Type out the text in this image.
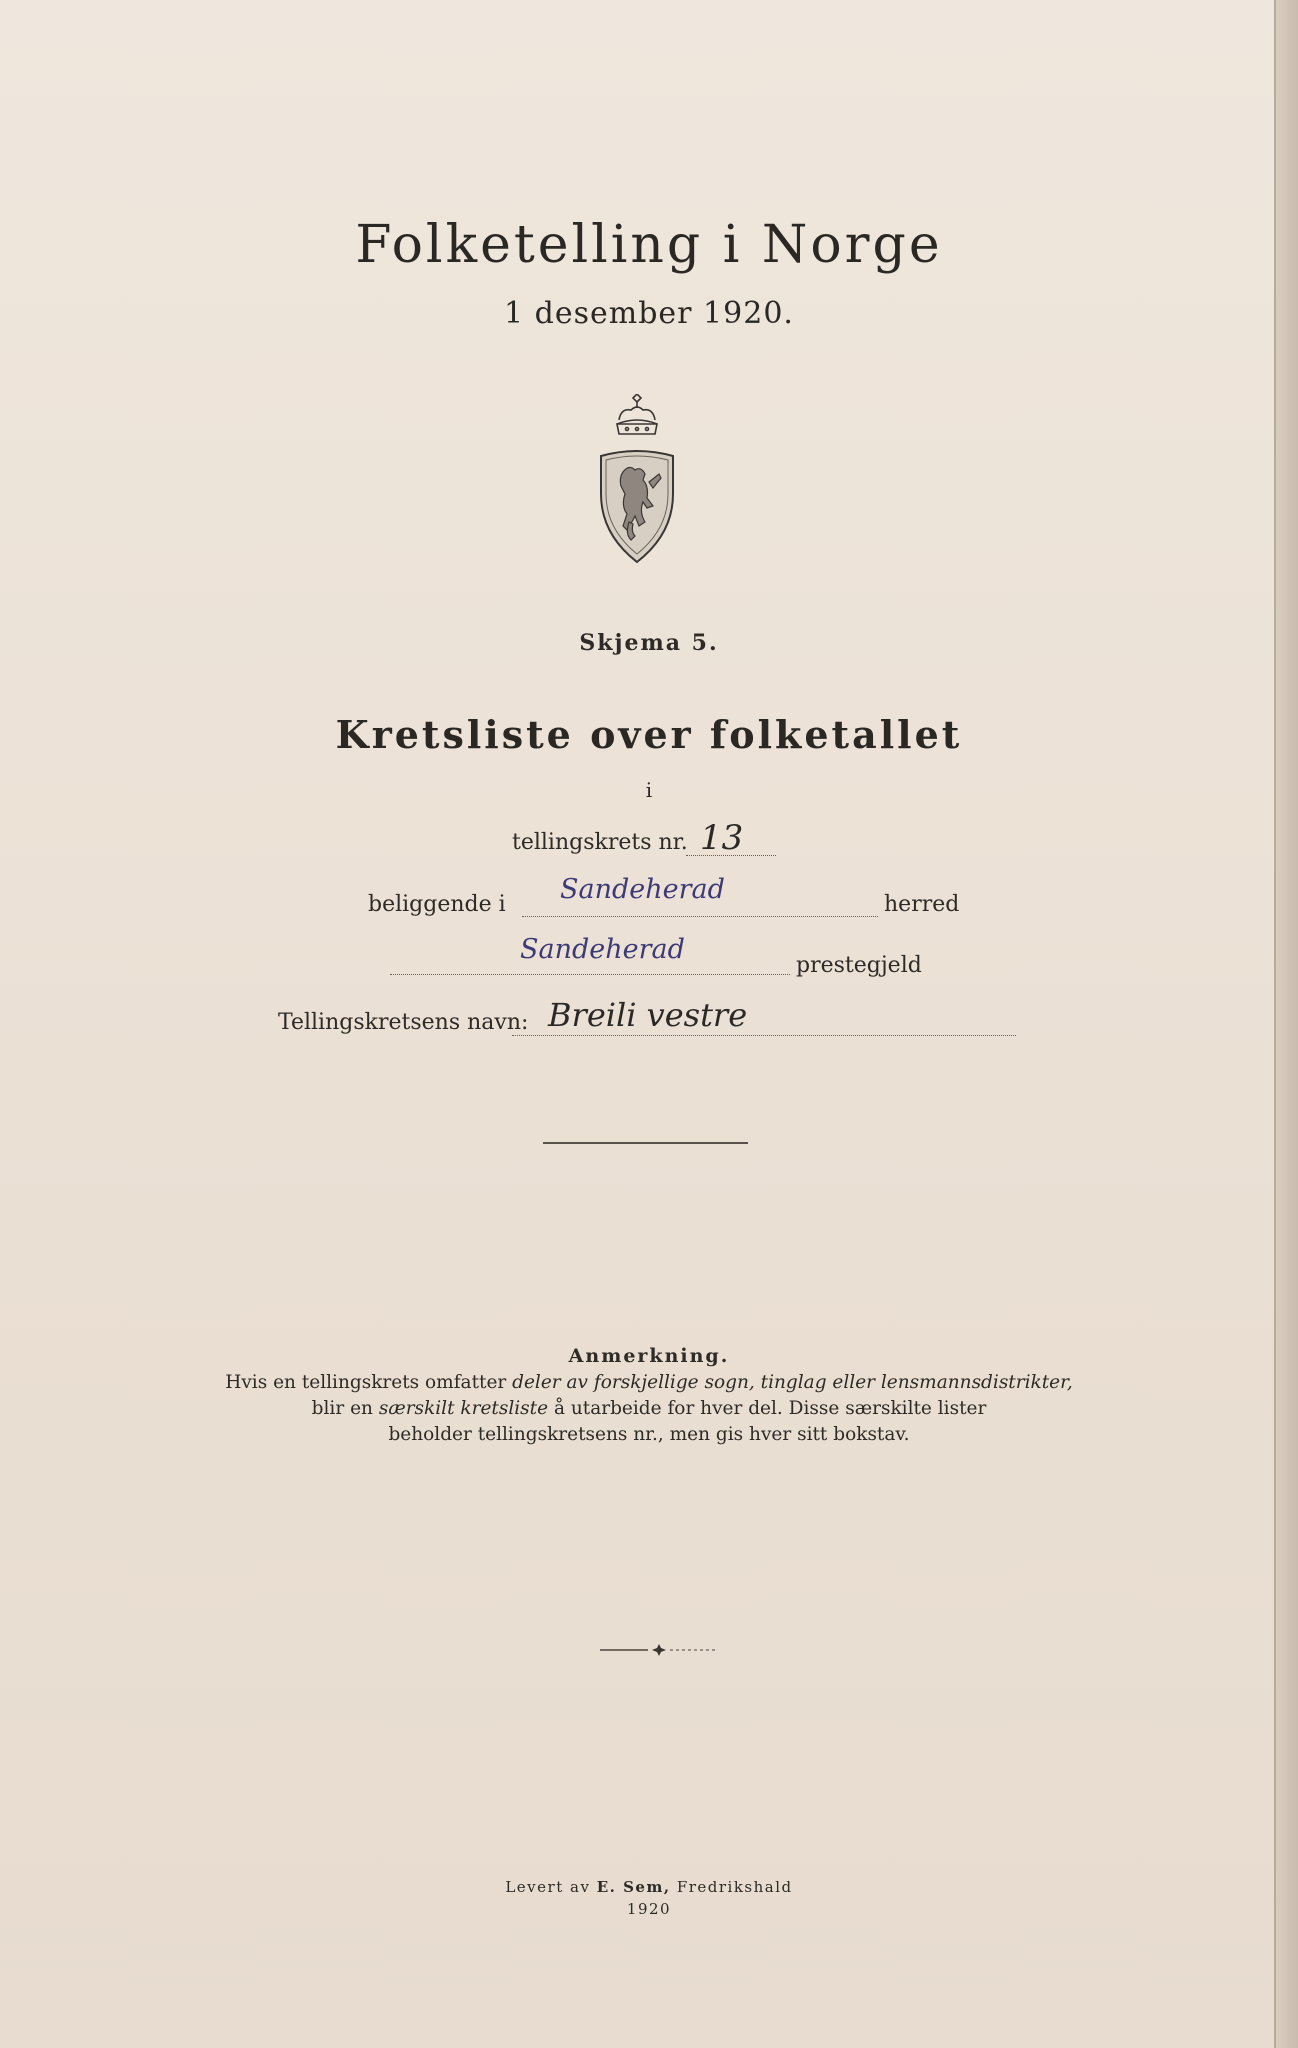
Folketelling i Norge
1 desember 1920.
Skjema 5.
Kretsliste over folketallet
i
tellingskrets nr. 13
beliggende i Sandeherad	herred
Sandeherad
prestegjeld
Tellingskretsens navn: Breili vestre
Anmerkning.
Hvis en tellingskrets omfatter deler av forskjellige sogn, tinglag eller lensmannsdistrikter,
blir en særskilt kretsliste å utarbeide for hver del. Disse særskilte lister
beholder tellingskretsens nr., men gis hver sitt bokstav.
Levert av E. Sem, Fredrikshald
1920
